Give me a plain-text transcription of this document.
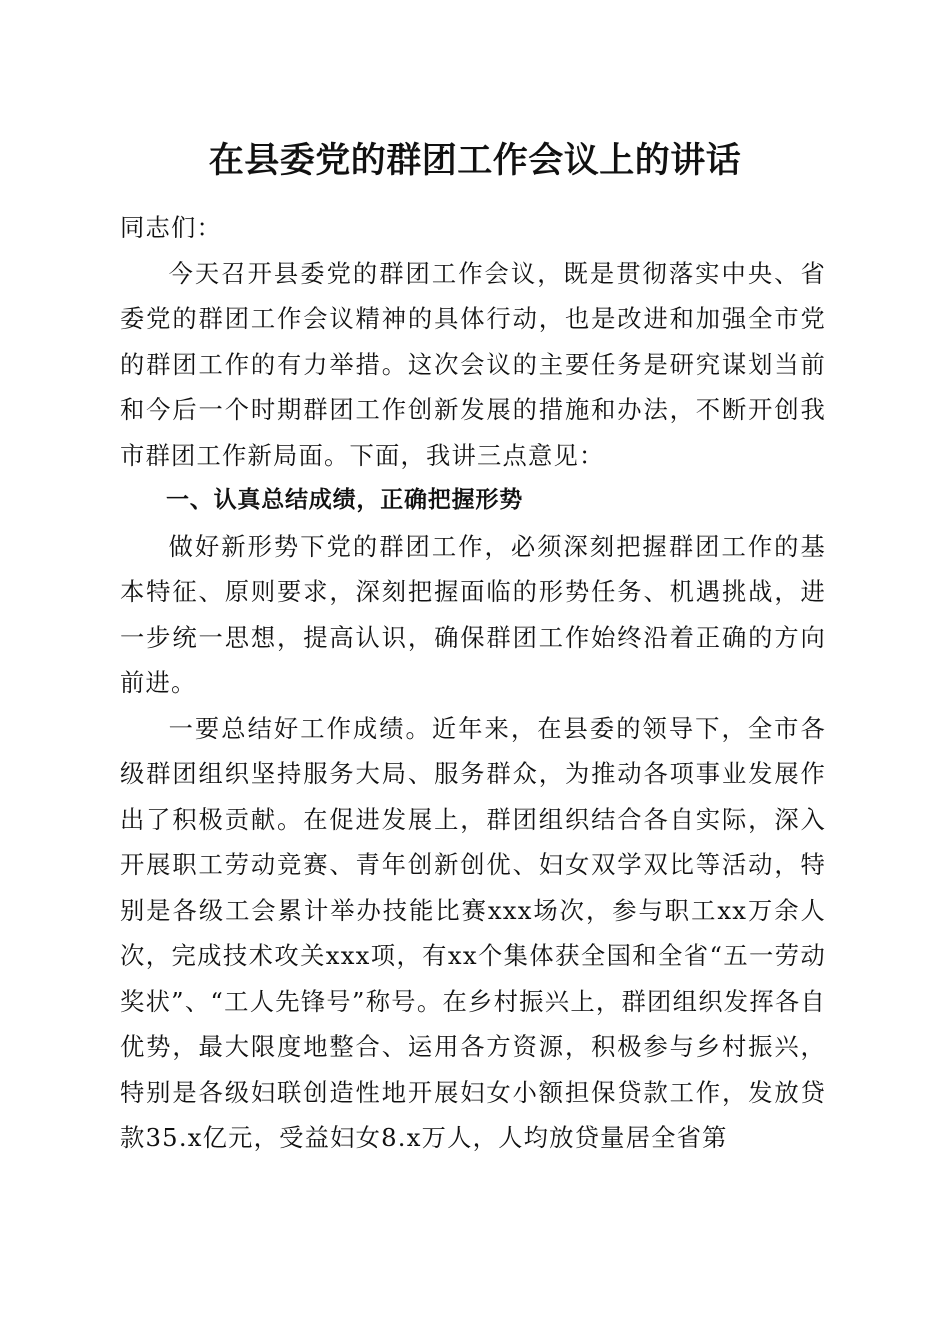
在县委党的群团工作会议上的讲话

同志们：

今天召开县委党的群团工作会议，既是贯彻落实中央、省委党的群团工作会议精神的具体行动，也是改进和加强全市党的群团工作的有力举措。这次会议的主要任务是研究谋划当前和今后一个时期群团工作创新发展的措施和办法，不断开创我市群团工作新局面。下面，我讲三点意见：

一、认真总结成绩，正确把握形势

做好新形势下党的群团工作，必须深刻把握群团工作的基本特征、原则要求，深刻把握面临的形势任务、机遇挑战，进一步统一思想，提高认识，确保群团工作始终沿着正确的方向前进。

一要总结好工作成绩。近年来，在县委的领导下，全市各级群团组织坚持服务大局、服务群众，为推动各项事业发展作出了积极贡献。在促进发展上，群团组织结合各自实际，深入开展职工劳动竞赛、青年创新创优、妇女双学双比等活动，特别是各级工会累计举办技能比赛xxx场次，参与职工xx万余人次，完成技术攻关xxx项，有xx个集体获全国和全省“五一劳动奖状”、“工人先锋号”称号。在乡村振兴上，群团组织发挥各自优势，最大限度地整合、运用各方资源，积极参与乡村振兴，特别是各级妇联创造性地开展妇女小额担保贷款工作，发放贷款35.x亿元，受益妇女8.x万人，人均放贷量居全省第
